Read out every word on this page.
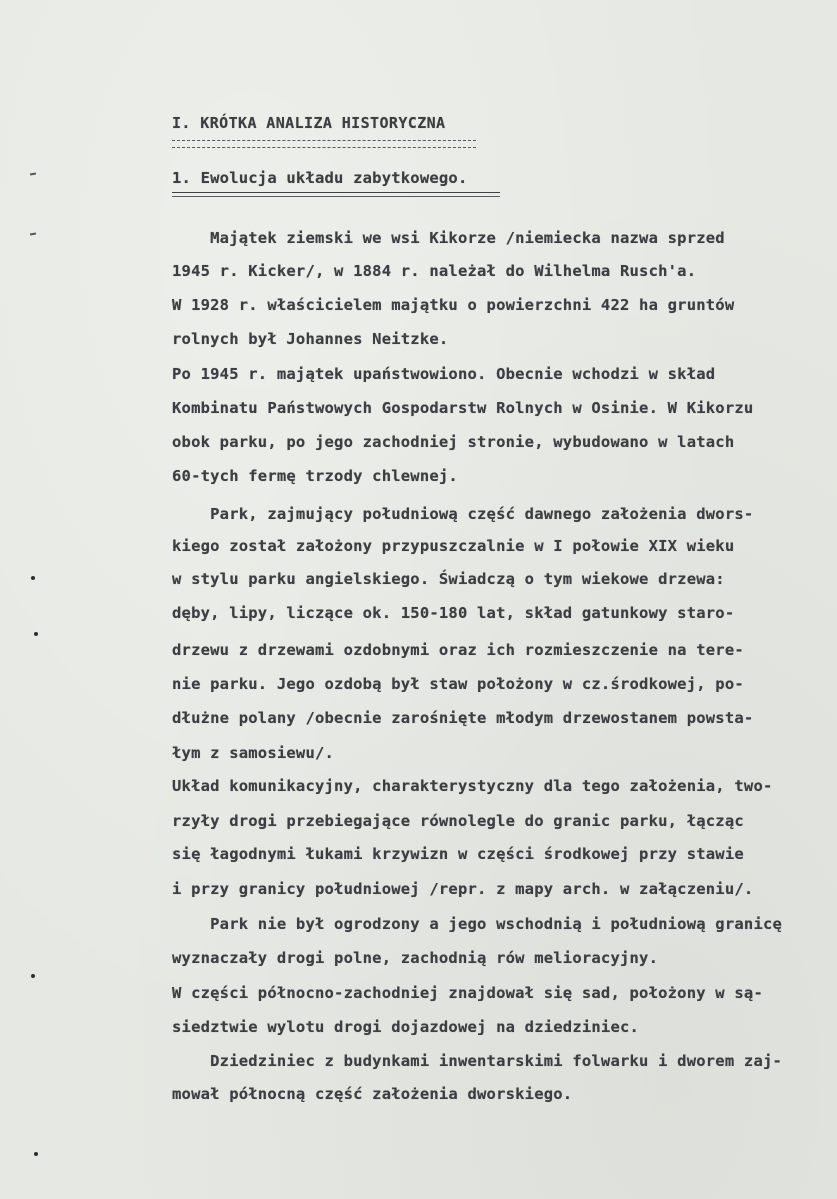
I. KRÓTKA ANALIZA HISTORYCZNA
1. Ewolucja układu zabytkowego.
Majątek ziemski we wsi Kikorze /niemiecka nazwa sprzed
1945 r. Kicker/, w 1884 r. należał do Wilhelma Rusch'a.
W 1928 r. właścicielem majątku o powierzchni 422 ha gruntów
rolnych był Johannes Neitzke.
Po 1945 r. majątek upaństwowiono. Obecnie wchodzi w skład
Kombinatu Państwowych Gospodarstw Rolnych w Osinie. W Kikorzu
obok parku, po jego zachodniej stronie, wybudowano w latach
60-tych fermę trzody chlewnej.
Park, zajmujący południową część dawnego założenia dwors-
kiego został założony przypuszczalnie w I połowie XIX wieku
w stylu parku angielskiego. Świadczą o tym wiekowe drzewa:
dęby, lipy, liczące ok. 150-180 lat, skład gatunkowy staro-
drzewu z drzewami ozdobnymi oraz ich rozmieszczenie na tere-
nie parku. Jego ozdobą był staw położony w cz.środkowej, po-
dłużne polany /obecnie zarośnięte młodym drzewostanem powsta-
łym z samosiewu/.
Układ komunikacyjny, charakterystyczny dla tego założenia, two-
rzyły drogi przebiegające równolegle do granic parku, łącząc
się łagodnymi łukami krzywizn w części środkowej przy stawie
i przy granicy południowej /repr. z mapy arch. w załączeniu/.
Park nie był ogrodzony a jego wschodnią i południową granicę
wyznaczały drogi polne, zachodnią rów melioracyjny.
W części północno-zachodniej znajdował się sad, położony w są-
siedztwie wylotu drogi dojazdowej na dziedziniec.
Dziedziniec z budynkami inwentarskimi folwarku i dworem zaj-
mował północną część założenia dworskiego.
